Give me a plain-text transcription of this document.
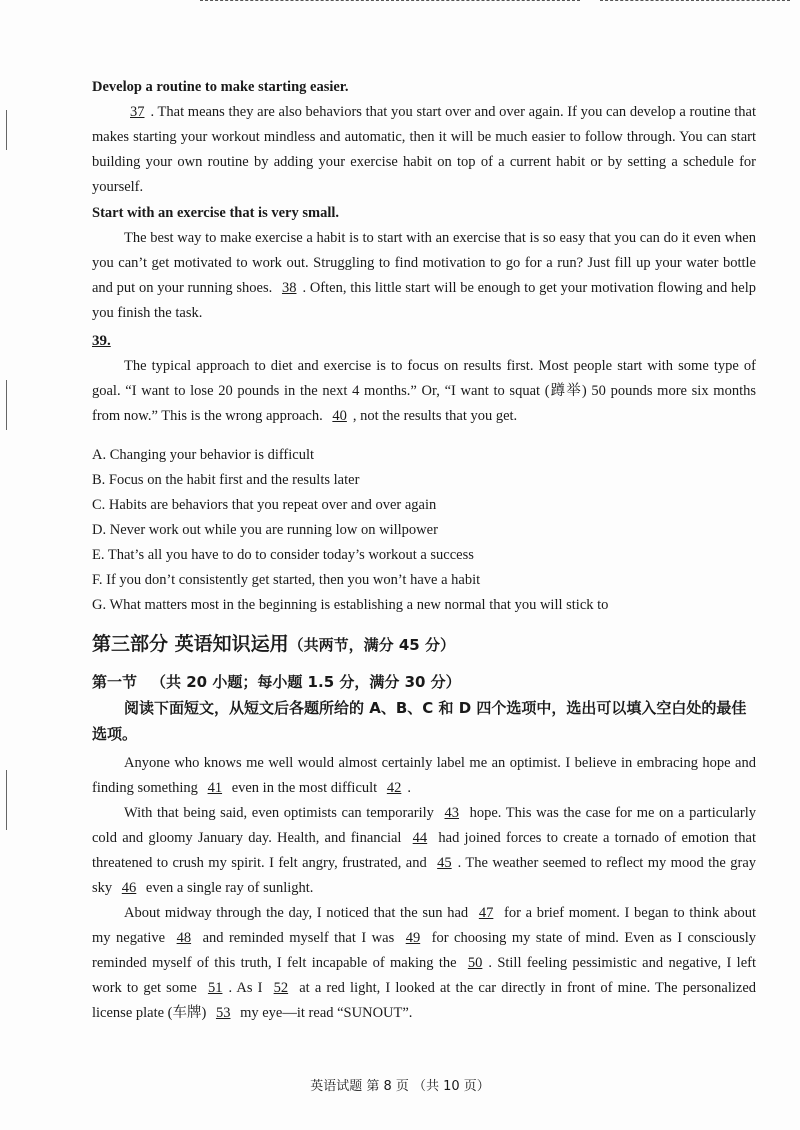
Develop a routine to make starting easier.

37 . That means they are also behaviors that you start over and over again. If you can develop a routine that makes starting your workout mindless and automatic, then it will be much easier to follow through. You can start building your own routine by adding your exercise habit on top of a current habit or by setting a schedule for yourself.

Start with an exercise that is very small.

The best way to make exercise a habit is to start with an exercise that is so easy that you can do it even when you can’t get motivated to work out. Struggling to find motivation to go for a run? Just fill up your water bottle and put on your running shoes. 38 . Often, this little start will be enough to get your motivation flowing and help you finish the task.

39.

The typical approach to diet and exercise is to focus on results first. Most people start with some type of goal. “I want to lose 20 pounds in the next 4 months.” Or, “I want to squat (蹲举) 50 pounds more six months from now.” This is the wrong approach. 40 , not the results that you get.

A. Changing your behavior is difficult

B. Focus on the habit first and the results later

C. Habits are behaviors that you repeat over and over again

D. Never work out while you are running low on willpower

E. That’s all you have to do to consider today’s workout a success

F. If you don’t consistently get started, then you won’t have a habit

G. What matters most in the beginning is establishing a new normal that you will stick to

第三部分 英语知识运用（共两节，满分 45 分）

第一节 （共 20 小题；每小题 1.5 分，满分 30 分）

阅读下面短文，从短文后各题所给的 A、B、C 和 D 四个选项中，选出可以填入空白处的最佳选项。

Anyone who knows me well would almost certainly label me an optimist. I believe in embracing hope and finding something 41 even in the most difficult 42 .

With that being said, even optimists can temporarily 43 hope. This was the case for me on a particularly cold and gloomy January day. Health, and financial 44 had joined forces to create a tornado of emotion that threatened to crush my spirit. I felt angry, frustrated, and 45 . The weather seemed to reflect my mood the gray sky 46 even a single ray of sunlight.

About midway through the day, I noticed that the sun had 47 for a brief moment. I began to think about my negative 48 and reminded myself that I was 49 for choosing my state of mind. Even as I consciously reminded myself of this truth, I felt incapable of making the 50 . Still feeling pessimistic and negative, I left work to get some 51 . As I 52 at a red light, I looked at the car directly in front of mine. The personalized license plate (车牌) 53 my eye—it read “SUNOUT”.

英语试题 第 8 页 （共 10 页）
